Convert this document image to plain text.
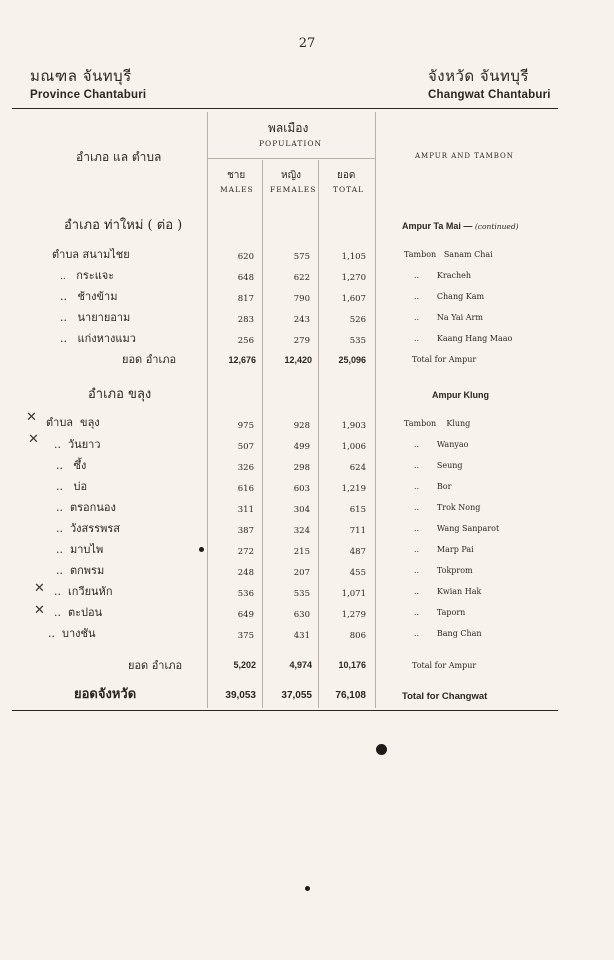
27
มณฑล จันทบุรี
Province Chantaburi
จังหวัด จันทบุรี
Changwat Chantaburi
อำเภอ แล ตำบล
พลเมือง
POPULATION
ชาย
MALES
หญิง
FEMALES
ยอด
TOTAL
AMPUR AND TAMBON
อำเภอ ท่าใหม่ ( ต่อ )	Ampur Ta Mai — (continued)
ตำบล สนามไชย	620	575	1,105	Tambon Sanam Chai
.. กระแจะ	648	622	1,270	.. Kracheh
.. ช้างข้าม	817	790	1,607	.. Chang Kam
.. นายายอาม	283	243	526	.. Na Yai Arm
.. แก่งหางแมว	256	279	535	.. Kaang Hang Maao
ยอด อำเภอ	12,676	12,420	25,096	Total for Ampur
อำเภอ ขลุง	Ampur Klung
✕
✕
✕
✕
ตำบล ขลุง	975	928	1,903	Tambon Klung
.. วันยาว	507	499	1,006	.. Wanyao
.. ซึ้ง	326	298	624	.. Seung
.. บ่อ	616	603	1,219	.. Bor
.. ตรอกนอง	311	304	615	.. Trok Nong
.. วังสรรพรส	387	324	711	.. Wang Sanparot
.. มาบไพ	272	215	487	.. Marp Pai
.. ตกพรม	248	207	455	.. Tokprom
.. เกวียนหัก	536	535	1,071	.. Kwian Hak
.. ตะปอน	649	630	1,279	.. Taporn
.. บางชัน	375	431	806	.. Bang Chan
ยอด อำเภอ	5,202	4,974	10,176	Total for Ampur
ยอดจังหวัด	39,053	37,055	76,108	Total for Changwat
